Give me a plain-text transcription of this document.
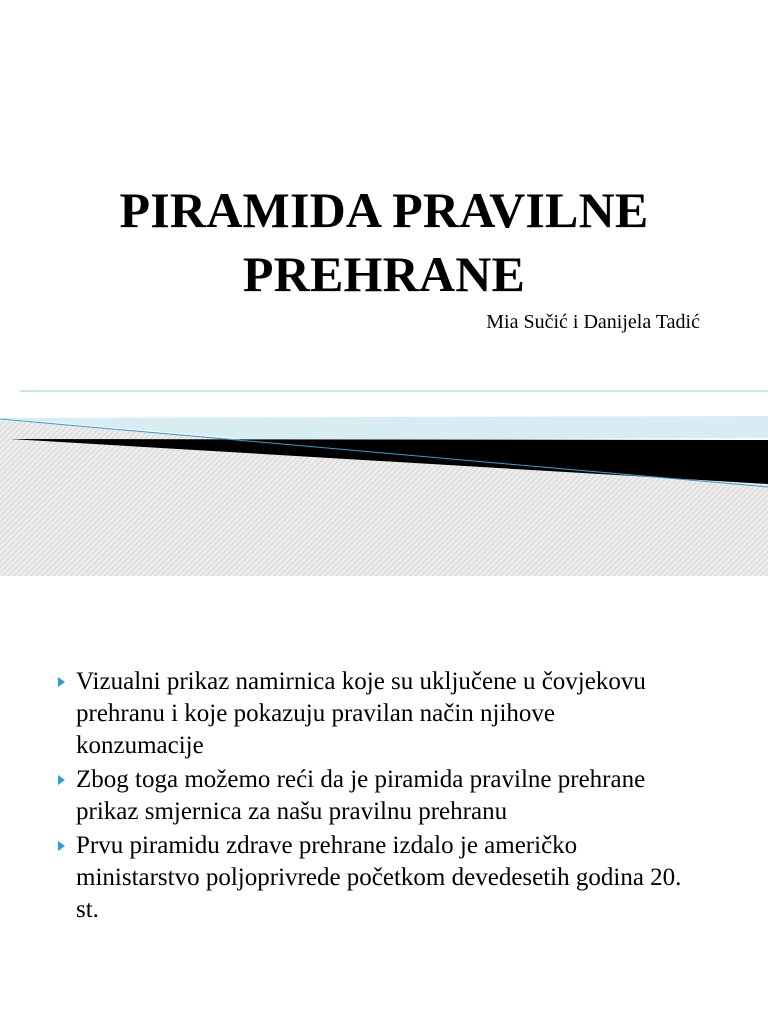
PIRAMIDA PRAVILNE
PREHRANE

Mia Sučić i Danijela Tadić

Vizualni prikaz namirnica koje su uključene u čovjekovu
prehranu i koje pokazuju pravilan način njihove
konzumacije
Zbog toga možemo reći da je piramida pravilne prehrane
prikaz smjernica za našu pravilnu prehranu
Prvu piramidu zdrave prehrane izdalo je američko
ministarstvo poljoprivrede početkom devedesetih godina 20.
st.
